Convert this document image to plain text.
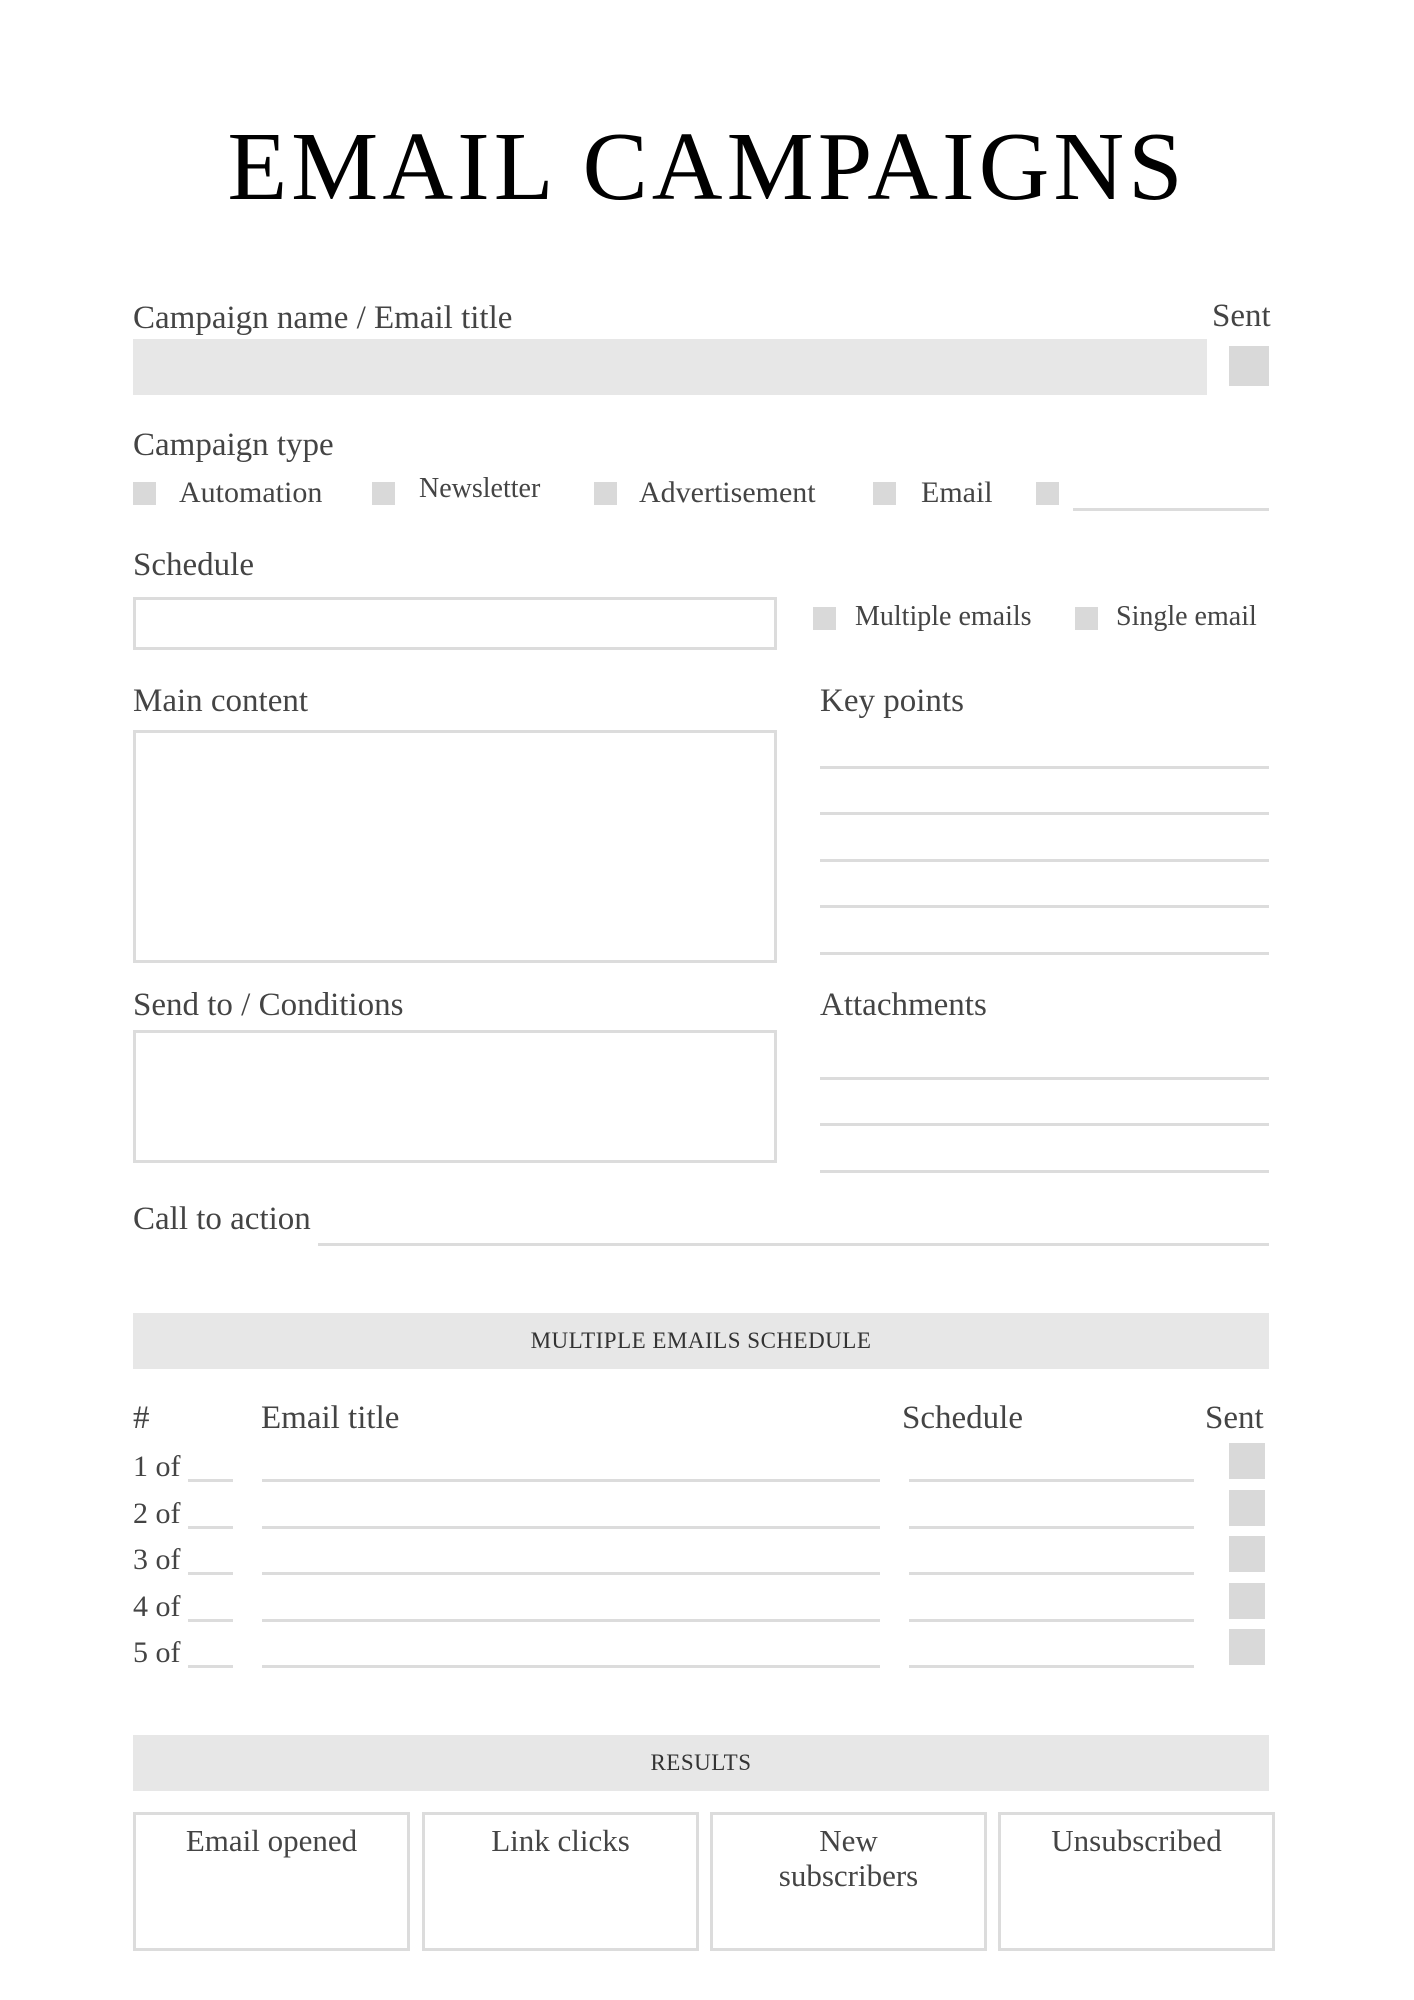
EMAIL CAMPAIGNS
Campaign name / Email title	Sent
Campaign type
Automation	Newsletter	Advertisement	Email
Schedule
Multiple emails	Single email
Main content	Key points
Send to / Conditions	Attachments
Call to action
MULTIPLE EMAILS SCHEDULE
#	Email title	Schedule	Sent
1 of
2 of
3 of
4 of
5 of
RESULTS
Email opened	Link clicks	New subscribers
Unsubscribed
